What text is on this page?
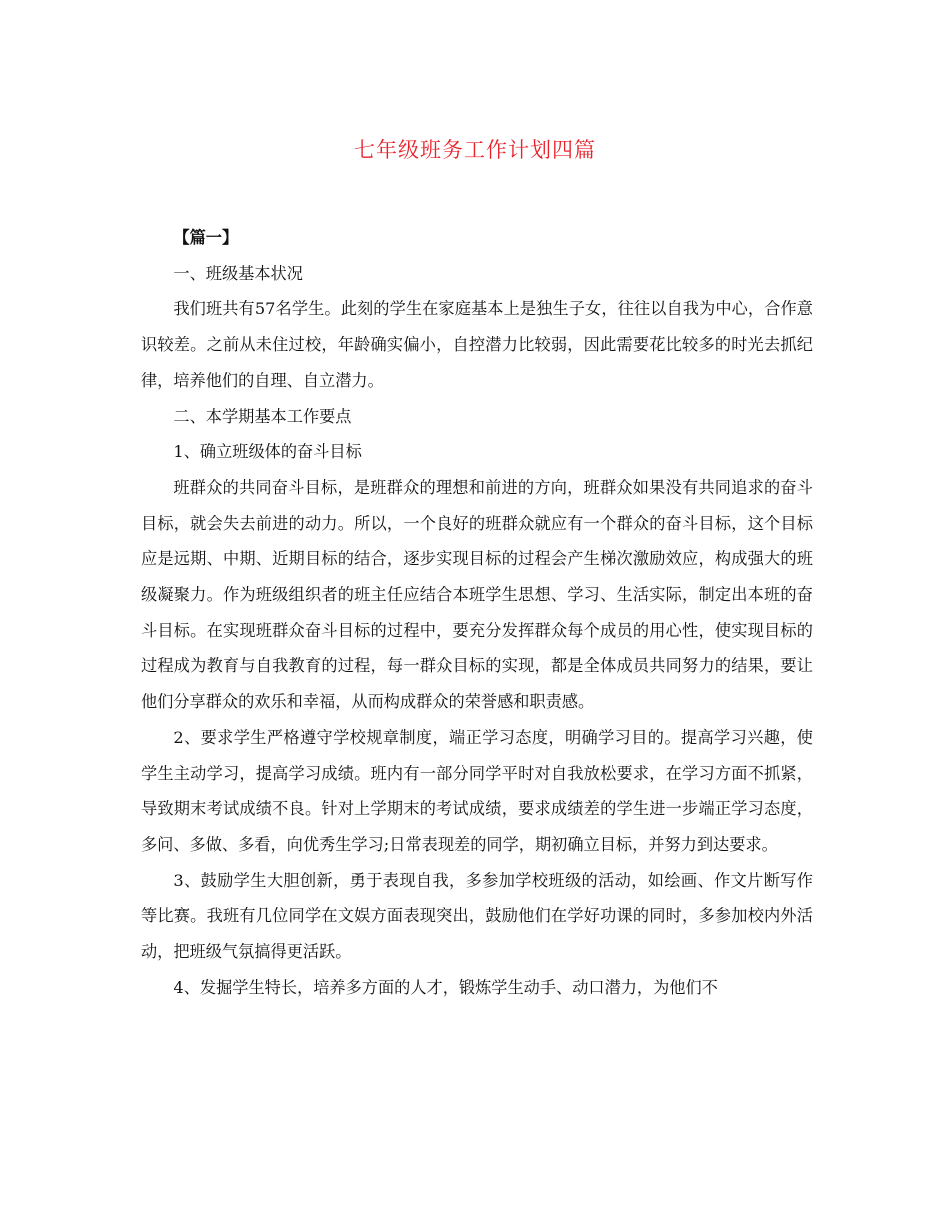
七年级班务工作计划四篇

【篇一】

一、班级基本状况

我们班共有57名学生。此刻的学生在家庭基本上是独生子女，往往以自我为中心，合作意识较差。之前从未住过校，年龄确实偏小，自控潜力比较弱，因此需要花比较多的时光去抓纪律，培养他们的自理、自立潜力。

二、本学期基本工作要点

1、确立班级体的奋斗目标

班群众的共同奋斗目标，是班群众的理想和前进的方向，班群众如果没有共同追求的奋斗目标，就会失去前进的动力。所以，一个良好的班群众就应有一个群众的奋斗目标，这个目标应是远期、中期、近期目标的结合，逐步实现目标的过程会产生梯次激励效应，构成强大的班级凝聚力。作为班级组织者的班主任应结合本班学生思想、学习、生活实际，制定出本班的奋斗目标。在实现班群众奋斗目标的过程中，要充分发挥群众每个成员的用心性，使实现目标的过程成为教育与自我教育的过程，每一群众目标的实现，都是全体成员共同努力的结果，要让他们分享群众的欢乐和幸福，从而构成群众的荣誉感和职责感。

2、要求学生严格遵守学校规章制度，端正学习态度，明确学习目的。提高学习兴趣，使学生主动学习，提高学习成绩。班内有一部分同学平时对自我放松要求，在学习方面不抓紧，导致期末考试成绩不良。针对上学期末的考试成绩，要求成绩差的学生进一步端正学习态度，多问、多做、多看，向优秀生学习;日常表现差的同学，期初确立目标，并努力到达要求。

3、鼓励学生大胆创新，勇于表现自我，多参加学校班级的活动，如绘画、作文片断写作等比赛。我班有几位同学在文娱方面表现突出，鼓励他们在学好功课的同时，多参加校内外活动，把班级气氛搞得更活跃。

4、发掘学生特长，培养多方面的人才，锻炼学生动手、动口潜力，为他们不
